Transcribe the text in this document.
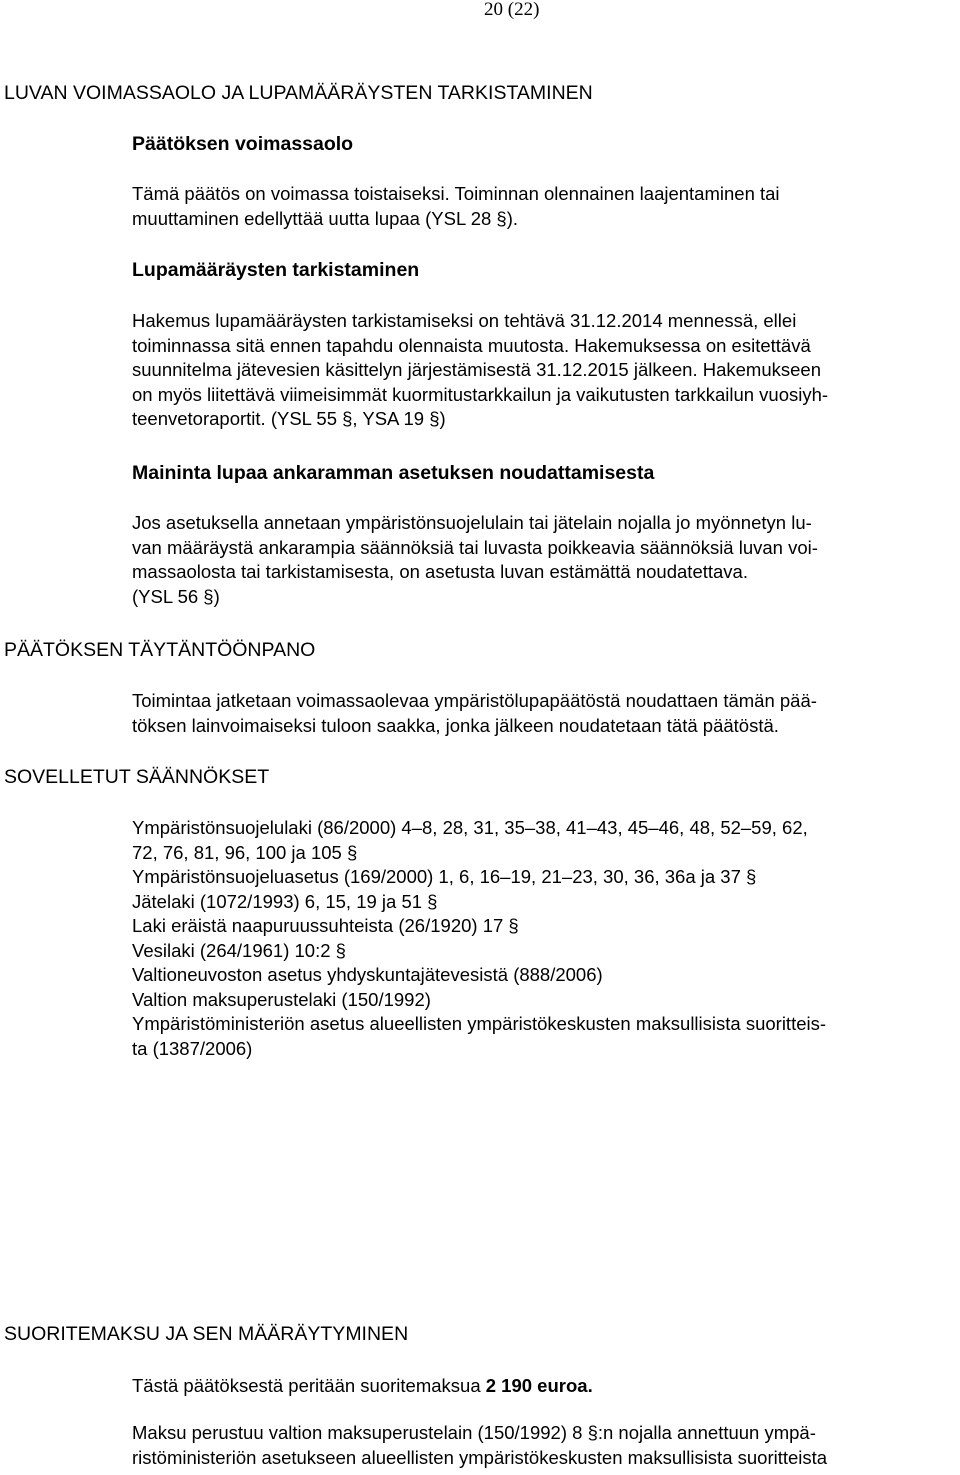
20 (22)
LUVAN VOIMASSAOLO JA LUPAMÄÄRÄYSTEN TARKISTAMINEN
Päätöksen voimassaolo
Tämä päätös on voimassa toistaiseksi. Toiminnan olennainen laajentaminen tai
muuttaminen edellyttää uutta lupaa (YSL 28 §).
Lupamääräysten tarkistaminen
Hakemus lupamääräysten tarkistamiseksi on tehtävä 31.12.2014 mennessä, ellei
toiminnassa sitä ennen tapahdu olennaista muutosta. Hakemuksessa on esitettävä
suunnitelma jätevesien käsittelyn järjestämisestä 31.12.2015 jälkeen. Hakemukseen
on myös liitettävä viimeisimmät kuormitustarkkailun ja vaikutusten tarkkailun vuosiyh-
teenvetoraportit. (YSL 55 §, YSA 19 §)
Maininta lupaa ankaramman asetuksen noudattamisesta
Jos asetuksella annetaan ympäristönsuojelulain tai jätelain nojalla jo myönnetyn lu-
van määräystä ankarampia säännöksiä tai luvasta poikkeavia säännöksiä luvan voi-
massaolosta tai tarkistamisesta, on asetusta luvan estämättä noudatettava.
(YSL 56 §)
PÄÄTÖKSEN TÄYTÄNTÖÖNPANO
Toimintaa jatketaan voimassaolevaa ympäristölupapäätöstä noudattaen tämän pää-
töksen lainvoimaiseksi tuloon saakka, jonka jälkeen noudatetaan tätä päätöstä.
SOVELLETUT SÄÄNNÖKSET
Ympäristönsuojelulaki (86/2000) 4–8, 28, 31, 35–38, 41–43, 45–46, 48, 52–59, 62,
72, 76, 81, 96, 100 ja 105 §
Ympäristönsuojeluasetus (169/2000) 1, 6, 16–19, 21–23, 30, 36, 36a ja 37 §
Jätelaki (1072/1993) 6, 15, 19 ja 51 §
Laki eräistä naapuruussuhteista (26/1920) 17 §
Vesilaki (264/1961) 10:2 §
Valtioneuvoston asetus yhdyskuntajätevesistä (888/2006)
Valtion maksuperustelaki (150/1992)
Ympäristöministeriön asetus alueellisten ympäristökeskusten maksullisista suoritteis-
ta (1387/2006)
SUORITEMAKSU JA SEN MÄÄRÄYTYMINEN
Tästä päätöksestä peritään suoritemaksua 2 190 euroa.
Maksu perustuu valtion maksuperustelain (150/1992) 8 §:n nojalla annettuun ympä-
ristöministeriön asetukseen alueellisten ympäristökeskusten maksullisista suoritteista
